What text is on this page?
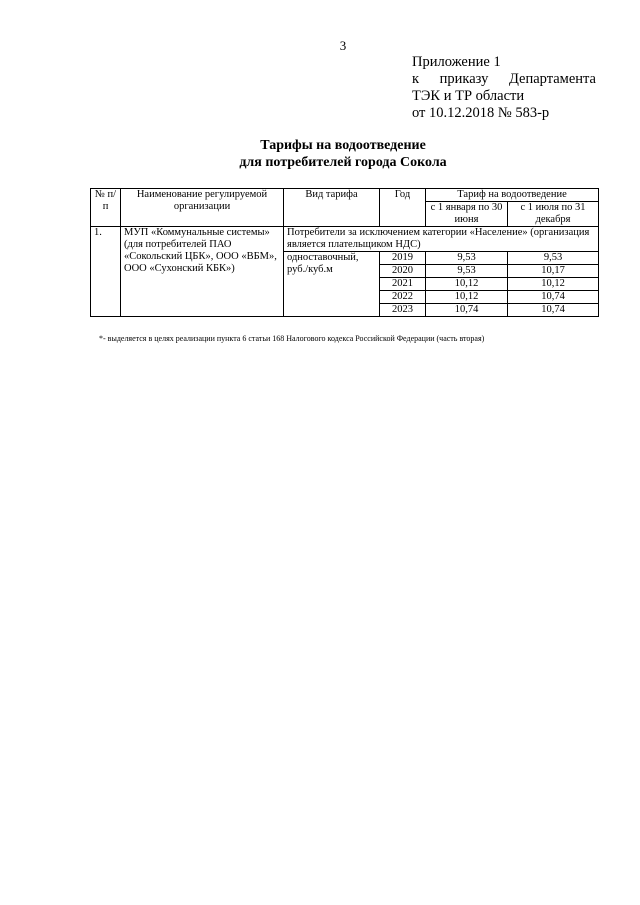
3
Приложение 1
к приказу Департамента
ТЭК и ТР области
от 10.12.2018 № 583-р
Тарифы на водоотведение
для потребителей города Сокола
№ п/п	Наименование регулируемой организации	Вид тарифа	Год	Тариф на водоотведение	
				с 1 января по 30 июня	с 1 июля по 31 декабря
1.	МУП «Коммунальные системы» (для потребителей ПАО «Сокольский ЦБК», ООО «ВБМ», ООО «Сухонский КБК»)	Потребители за исключением категории «Население» (организация является плательщиком НДС)			
		одноставочный, руб./куб.м	2019	9,53	9,53
			2020	9,53	10,17
			2021	10,12	10,12
			2022	10,12	10,74
			2023	10,74	10,74
*- выделяется в целях реализации пункта 6 статьи 168 Налогового кодекса Российской Федерации (часть вторая)
